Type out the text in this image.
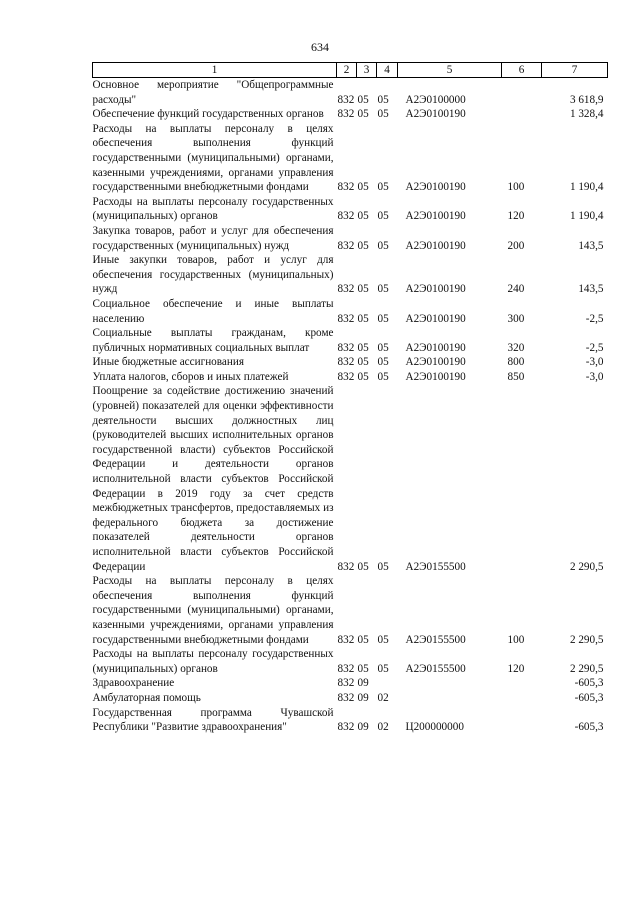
634
1	2	3	4	5	6	7
Основное мероприятие "Общепрограммные расходы"	832	05	05	А2Э0100000		3 618,9
Обеспечение функций государственных органов	832	05	05	А2Э0100190		1 328,4
Расходы на выплаты персоналу в целях обеспечения выполнения функций государственными (муниципальными) органами, казенными учреждениями, органами управления государственными внебюджетными фондами	832	05	05	А2Э0100190	100	1 190,4
Расходы на выплаты персоналу государственных (муниципальных) органов	832	05	05	А2Э0100190	120	1 190,4
Закупка товаров, работ и услуг для обеспечения государственных (муниципальных) нужд	832	05	05	А2Э0100190	200	143,5
Иные закупки товаров, работ и услуг для обеспечения государственных (муниципальных) нужд	832	05	05	А2Э0100190	240	143,5
Социальное обеспечение и иные выплаты населению	832	05	05	А2Э0100190	300	-2,5
Социальные выплаты гражданам, кроме публичных нормативных социальных выплат	832	05	05	А2Э0100190	320	-2,5
Иные бюджетные ассигнования	832	05	05	А2Э0100190	800	-3,0
Уплата налогов, сборов и иных платежей	832	05	05	А2Э0100190	850	-3,0
Поощрение за содействие достижению значений (уровней) показателей для оценки эффективности деятельности высших должностных лиц (руководителей высших исполнительных органов государственной власти) субъектов Российской Федерации и деятельности органов исполнительной власти субъектов Российской Федерации в 2019 году за счет средств межбюджетных трансфертов, предоставляемых из федерального бюджета за достижение показателей деятельности органов исполнительной власти субъектов Российской Федерации	832	05	05	А2Э0155500		2 290,5
Расходы на выплаты персоналу в целях обеспечения выполнения функций государственными (муниципальными) органами, казенными учреждениями, органами управления государственными внебюджетными фондами	832	05	05	А2Э0155500	100	2 290,5
Расходы на выплаты персоналу государственных (муниципальных) органов	832	05	05	А2Э0155500	120	2 290,5
Здравоохранение	832	09				-605,3
Амбулаторная помощь	832	09	02			-605,3
Государственная программа Чувашской Республики "Развитие здравоохранения"	832	09	02	Ц200000000		-605,3
